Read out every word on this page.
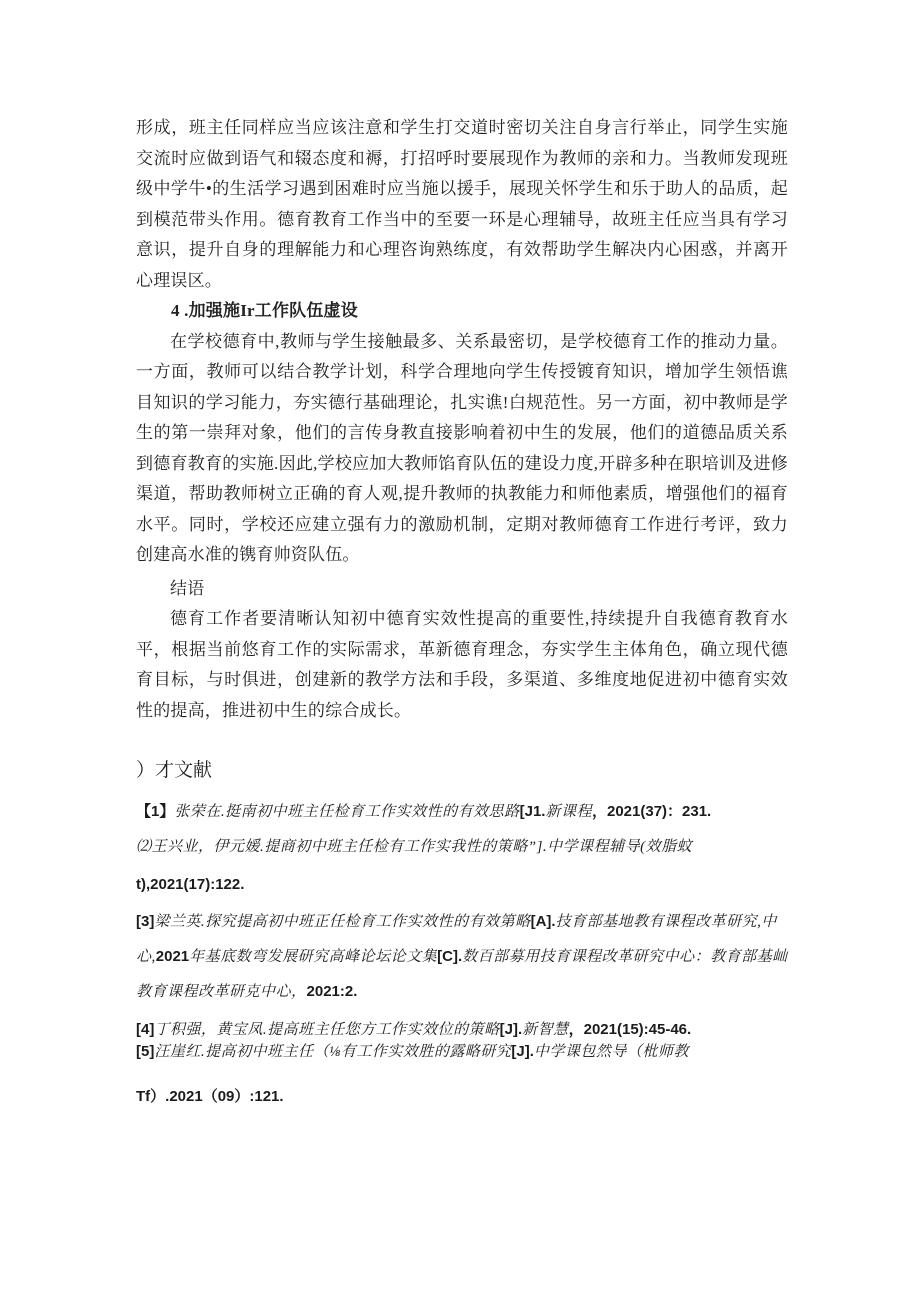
形成，班主任同样应当应该注意和学生打交道时密切关注自身言行举止，同学生实施交流时应做到语气和辍态度和褥，打招呼时要展现作为教师的亲和力。当教师发现班级中学牛•的生活学习遇到困难时应当施以援手，展现关怀学生和乐于助人的品质，起到模范带头作用。德育教育工作当中的至要一环是心理辅导，故班主任应当具有学习意识，提升自身的理解能力和心理咨询熟练度，有效帮助学生解决内心困惑，并离开心理误区。

4 .加强施Ir工作队伍虚设

在学校德育中,教师与学生接触最多、关系最密切，是学校德育工作的推动力量。一方面，教师可以结合教学计划，科学合理地向学生传授镀育知识，增加学生领悟谯目知识的学习能力，夯实德行基础理论，扎实谯!白规范性。另一方面，初中教师是学生的第一崇拜对象，他们的言传身教直接影响着初中生的发展，他们的道德品质关系到德育教育的实施.因此,学校应加大教师馅育队伍的建设力度,开辟多种在职培训及进修渠道，帮助教师树立正确的育人观,提升教师的执教能力和师他素质，增强他们的福育水平。同时，学校还应建立强有力的激励机制，定期对教师德育工作进行考评，致力创建高水准的镌育帅资队伍。

结语

德育工作者要清晰认知初中德育实效性提高的重要性,持续提升自我德育教育水平，根据当前悠育工作的实际需求，革新德育理念，夯实学生主体角色，确立现代德育目标，与时俱进，创建新的教学方法和手段，多渠道、多维度地促进初中德育实效性的提高，推进初中生的综合成长。

）才文献

【1】张荣在.挺南初中班主任检育工作实效性的有效思路[J1.新课程，2021(37)：231.

⑵王兴业，伊元媛.提商初中班主任检有工作实我性的策略”].中学课程辅导(效脂蚊

t),2021(17):122.

[3]梁兰英.探究提高初中班正任检育工作实效性的有效第略[A].技育部基地教有课程改革研究,中

心,2021年基底数弯发展研究高峰论坛论文集[C].数百部募用技育课程改革研究中心：教育部基屾

教育课程改革研克中心，2021:2.

[4]丁积强，黄宝凤.提高班主任您方工作实效位的策略[J].新智慧，2021(15):45-46.

[5]汪崖红.提高初中班主任（⅛有工作实效胜的露略研究[J].中学课包然导（枇师教

Tf）.2021（09）:121.
